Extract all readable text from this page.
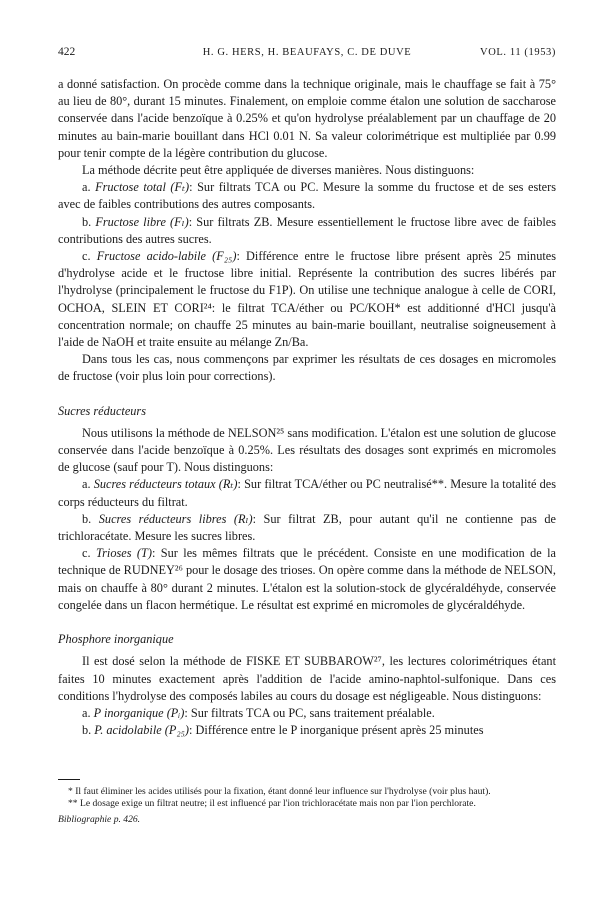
422	H. G. HERS, H. BEAUFAYS, C. DE DUVE	VOL. 11 (1953)

a donné satisfaction. On procède comme dans la technique originale, mais le chauffage se fait à 75° au lieu de 80°, durant 15 minutes. Finalement, on emploie comme étalon une solution de saccharose conservée dans l'acide benzoïque à 0.25% et qu'on hydrolyse préalablement par un chauffage de 20 minutes au bain-marie bouillant dans HCl 0.01 N. Sa valeur colorimétrique est multipliée par 0.99 pour tenir compte de la légère contribution du glucose.

La méthode décrite peut être appliquée de diverses manières. Nous distinguons:

a. Fructose total (Fₜ): Sur filtrats TCA ou PC. Mesure la somme du fructose et de ses esters avec de faibles contributions des autres composants.

b. Fructose libre (Fₗ): Sur filtrats ZB. Mesure essentiellement le fructose libre avec de faibles contributions des autres sucres.

c. Fructose acido-labile (F₂₅): Différence entre le fructose libre présent après 25 minutes d'hydrolyse acide et le fructose libre initial. Représente la contribution des sucres libérés par l'hydrolyse (principalement le fructose du F1P). On utilise une technique analogue à celle de CORI, OCHOA, SLEIN ET CORI²⁴: le filtrat TCA/éther ou PC/KOH* est additionné d'HCl jusqu'à concentration normale; on chauffe 25 minutes au bain-marie bouillant, neutralise soigneusement à l'aide de NaOH et traite ensuite au mélange Zn/Ba.

Dans tous les cas, nous commençons par exprimer les résultats de ces dosages en micromoles de fructose (voir plus loin pour corrections).

Sucres réducteurs

Nous utilisons la méthode de NELSON²⁵ sans modification. L'étalon est une solution de glucose conservée dans l'acide benzoïque à 0.25%. Les résultats des dosages sont exprimés en micromoles de glucose (sauf pour T). Nous distinguons:

a. Sucres réducteurs totaux (Rₜ): Sur filtrat TCA/éther ou PC neutralisé**. Mesure la totalité des corps réducteurs du filtrat.

b. Sucres réducteurs libres (Rₗ): Sur filtrat ZB, pour autant qu'il ne contienne pas de trichloracétate. Mesure les sucres libres.

c. Trioses (T): Sur les mêmes filtrats que le précédent. Consiste en une modification de la technique de RUDNEY²⁶ pour le dosage des trioses. On opère comme dans la méthode de NELSON, mais on chauffe à 80° durant 2 minutes. L'étalon est la solution-stock de glycéraldéhyde, conservée congelée dans un flacon hermétique. Le résultat est exprimé en micromoles de glycéraldéhyde.

Phosphore inorganique

Il est dosé selon la méthode de FISKE ET SUBBAROW²⁷, les lectures colorimétriques étant faites 10 minutes exactement après l'addition de l'acide amino-naphtol-sulfonique. Dans ces conditions l'hydrolyse des composés labiles au cours du dosage est négligeable. Nous distinguons:

a. P inorganique (Pᵢ): Sur filtrats TCA ou PC, sans traitement préalable.

b. P. acidolabile (P₂₅): Différence entre le P inorganique présent après 25 minutes

* Il faut éliminer les acides utilisés pour la fixation, étant donné leur influence sur l'hydrolyse (voir plus haut).

** Le dosage exige un filtrat neutre; il est influencé par l'ion trichloracétate mais non par l'ion perchlorate.

Bibliographie p. 426.
